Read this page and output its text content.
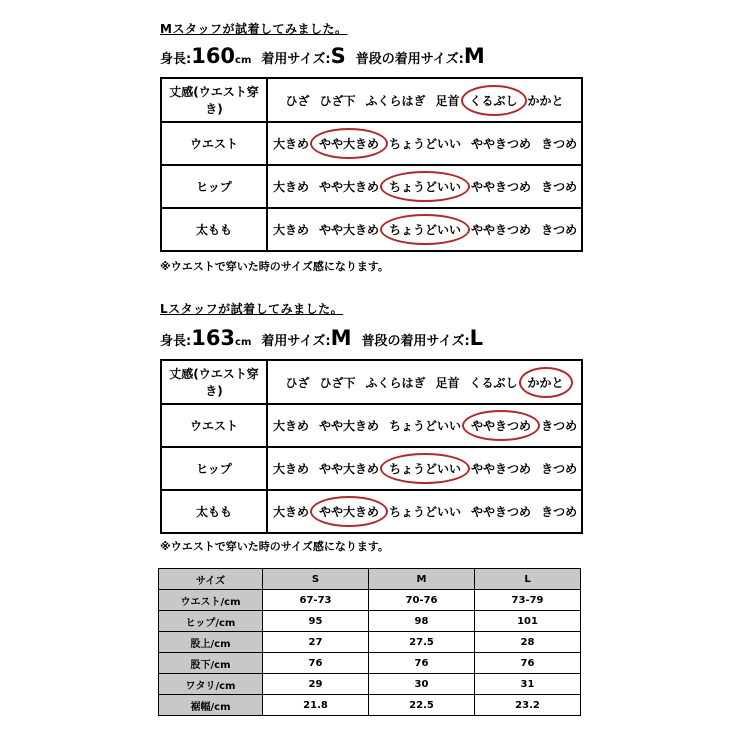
Mスタッフが試着してみました。
身長:160cm 着用サイズ:S 普段の着用サイズ:M
丈感(ウエスト穿き)	ひざ ひざ下 ふくらはぎ 足首 くるぶし かかと
ウエスト	大きめ やや大きめ ちょうどいい ややきつめ きつめ
ヒップ	大きめ やや大きめ ちょうどいい ややきつめ きつめ
太もも	大きめ やや大きめ ちょうどいい ややきつめ きつめ
※ウエストで穿いた時のサイズ感になります。
Lスタッフが試着してみました。
身長:163cm 着用サイズ:M 普段の着用サイズ:L
丈感(ウエスト穿き)	ひざ ひざ下 ふくらはぎ 足首 くるぶし かかと
ウエスト	大きめ やや大きめ ちょうどいい ややきつめ きつめ
ヒップ	大きめ やや大きめ ちょうどいい ややきつめ きつめ
太もも	大きめ やや大きめ ちょうどいい ややきつめ きつめ
※ウエストで穿いた時のサイズ感になります。
サイズ	S	M	L
ウエスト/cm	67-73	70-76	73-79
ヒップ/cm	95	98	101
股上/cm	27	27.5	28
股下/cm	76	76	76
ワタリ/cm	29	30	31
裾幅/cm	21.8	22.5	23.2
